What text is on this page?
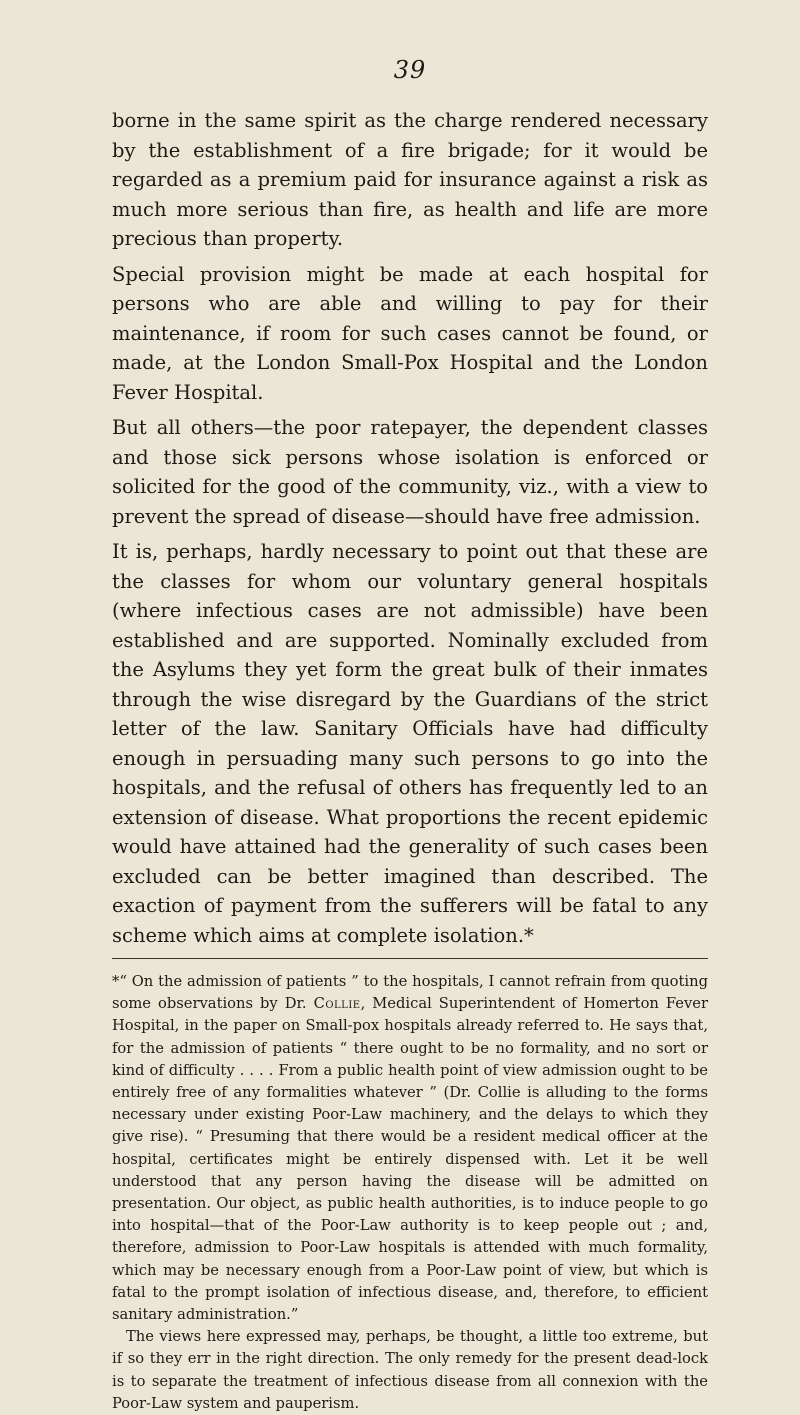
39

borne in the same spirit as the charge rendered necessary by the establishment of a fire brigade; for it would be regarded as a premium paid for insurance against a risk as much more serious than fire, as health and life are more precious than property.

Special provision might be made at each hospital for persons who are able and willing to pay for their maintenance, if room for such cases cannot be found, or made, at the London Small-Pox Hospital and the London Fever Hospital.

But all others—the poor ratepayer, the dependent classes and those sick persons whose isolation is enforced or solicited for the good of the community, viz., with a view to prevent the spread of disease—should have free admission.

It is, perhaps, hardly necessary to point out that these are the classes for whom our voluntary general hospitals (where infectious cases are not admissible) have been established and are supported. Nominally excluded from the Asylums they yet form the great bulk of their inmates through the wise disregard by the Guardians of the strict letter of the law. Sanitary Officials have had difficulty enough in persuading many such persons to go into the hospitals, and the refusal of others has frequently led to an extension of disease. What proportions the recent epidemic would have attained had the generality of such cases been excluded can be better imagined than described. The exaction of payment from the sufferers will be fatal to any scheme which aims at complete isolation.*

*“ On the admission of patients ” to the hospitals, I cannot refrain from quoting some observations by Dr. Collie, Medical Superintendent of Homerton Fever Hospital, in the paper on Small-pox hospitals already referred to. He says that, for the admission of patients “ there ought to be no formality, and no sort or kind of difficulty . . . . From a public health point of view admission ought to be entirely free of any formalities whatever ” (Dr. Collie is alluding to the forms necessary under existing Poor-Law machinery, and the delays to which they give rise). “ Presuming that there would be a resident medical officer at the hospital, certificates might be entirely dispensed with. Let it be well understood that any person having the disease will be admitted on presentation. Our object, as public health authorities, is to induce people to go into hospital—that of the Poor-Law authority is to keep people out ; and, therefore, admission to Poor-Law hospitals is attended with much formality, which may be necessary enough from a Poor-Law point of view, but which is fatal to the prompt isolation of infectious disease, and, therefore, to efficient sanitary administration.”

The views here expressed may, perhaps, be thought, a little too extreme, but if so they err in the right direction. The only remedy for the present dead-lock is to separate the treatment of infectious disease from all connexion with the Poor-Law system and pauperism.
